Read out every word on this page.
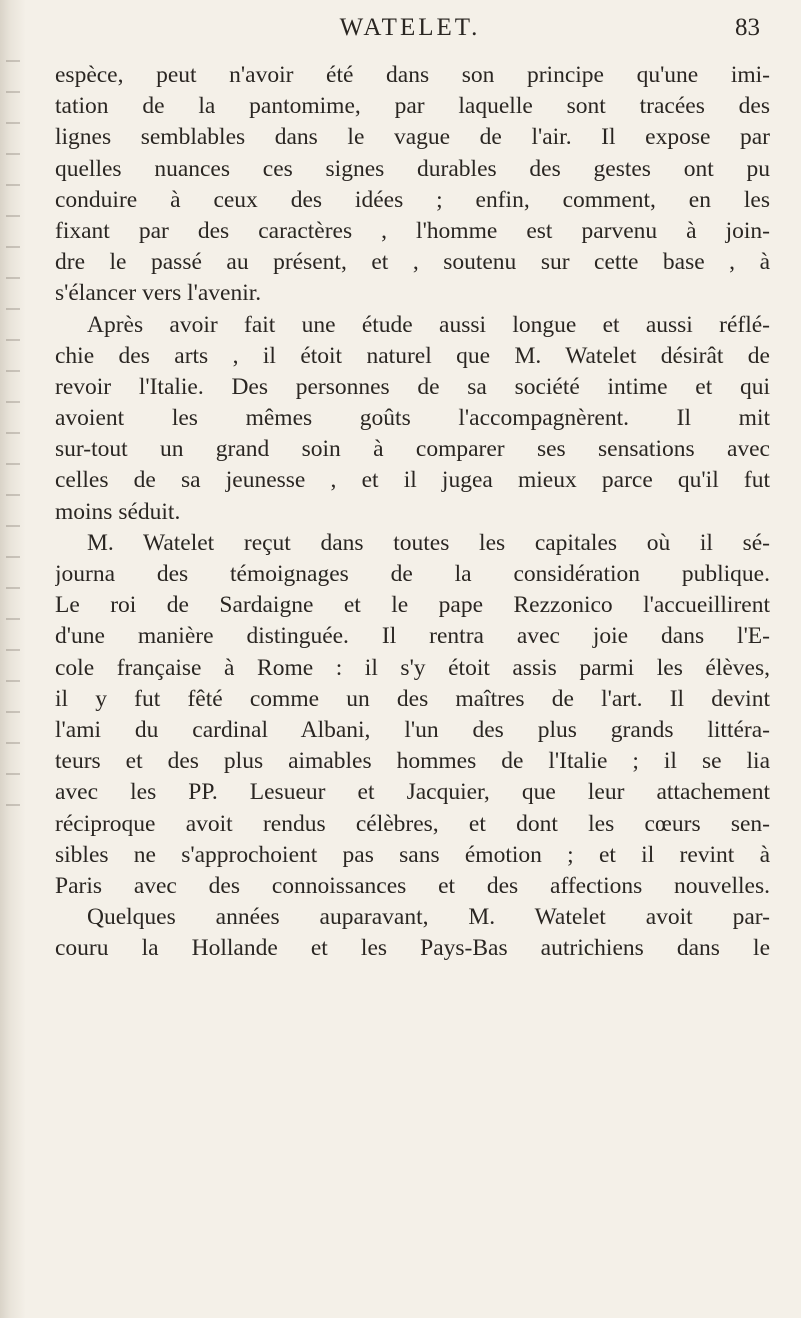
WATELET.	83
espèce, peut n'avoir été dans son principe qu'une imi-
tation de la pantomime, par laquelle sont tracées des
lignes semblables dans le vague de l'air. Il expose par
quelles nuances ces signes durables des gestes ont pu
conduire à ceux des idées ; enfin, comment, en les
fixant par des caractères , l'homme est parvenu à join-
dre le passé au présent, et , soutenu sur cette base , à
s'élancer vers l'avenir.
Après avoir fait une étude aussi longue et aussi réflé-
chie des arts , il étoit naturel que M. Watelet désirât de
revoir l'Italie. Des personnes de sa société intime et qui
avoient les mêmes goûts l'accompagnèrent. Il mit
sur-tout un grand soin à comparer ses sensations avec
celles de sa jeunesse , et il jugea mieux parce qu'il fut
moins séduit.
M. Watelet reçut dans toutes les capitales où il sé-
journa des témoignages de la considération publique.
Le roi de Sardaigne et le pape Rezzonico l'accueillirent
d'une manière distinguée. Il rentra avec joie dans l'E-
cole française à Rome : il s'y étoit assis parmi les élèves,
il y fut fêté comme un des maîtres de l'art. Il devint
l'ami du cardinal Albani, l'un des plus grands littéra-
teurs et des plus aimables hommes de l'Italie ; il se lia
avec les PP. Lesueur et Jacquier, que leur attachement
réciproque avoit rendus célèbres, et dont les cœurs sen-
sibles ne s'approchoient pas sans émotion ; et il revint à
Paris avec des connoissances et des affections nouvelles.
Quelques années auparavant, M. Watelet avoit par-
couru la Hollande et les Pays-Bas autrichiens dans le
